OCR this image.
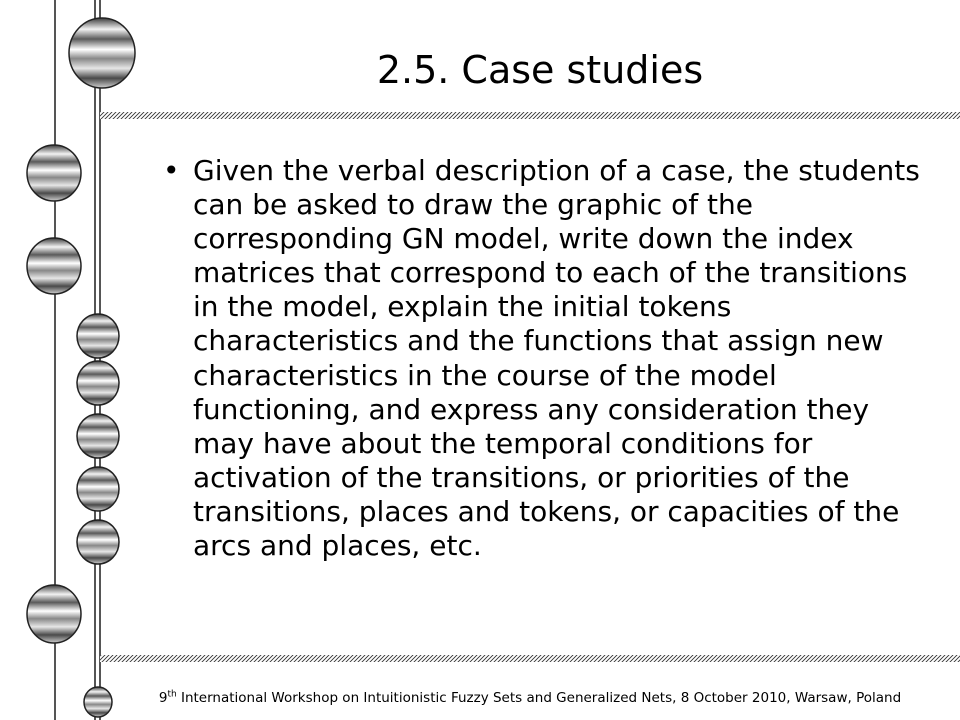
2.5. Case studies
• Given the verbal description of a case, the students can be asked to draw the graphic of the corresponding GN model, write down the index matrices that correspond to each of the transitions in the model, explain the initial tokens characteristics and the functions that assign new characteristics in the course of the model functioning, and express any consideration they may have about the temporal conditions for activation of the transitions, or priorities of the transitions, places and tokens, or capacities of the arcs and places, etc.
9th International Workshop on Intuitionistic Fuzzy Sets and Generalized Nets, 8 October 2010, Warsaw, Poland
